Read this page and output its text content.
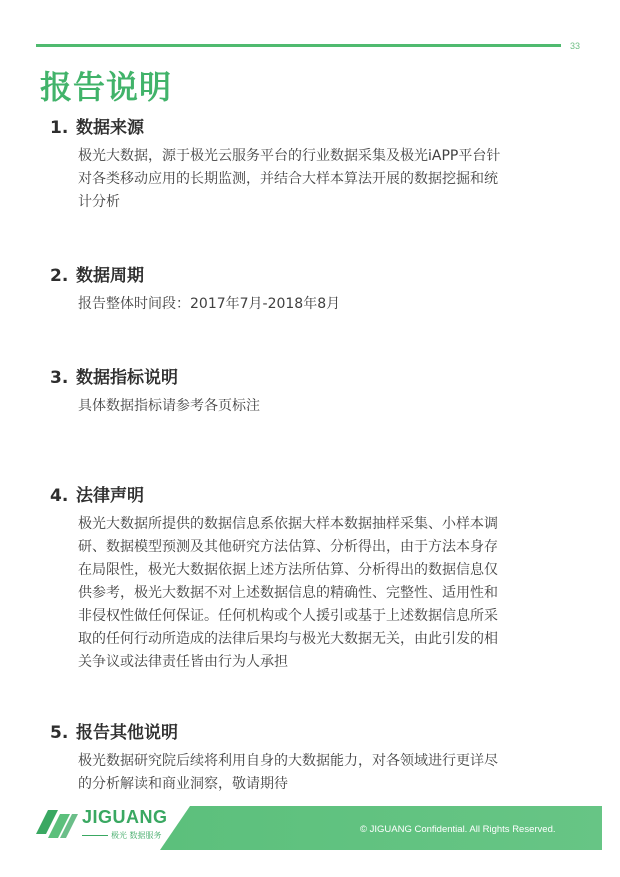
33
报告说明
1. 数据来源
极光大数据，源于极光云服务平台的行业数据采集及极光iAPP平台针
对各类移动应用的长期监测，并结合大样本算法开展的数据挖掘和统
计分析
2. 数据周期
报告整体时间段：2017年7月-2018年8月
3. 数据指标说明
具体数据指标请参考各页标注
4. 法律声明
极光大数据所提供的数据信息系依据大样本数据抽样采集、小样本调
研、数据模型预测及其他研究方法估算、分析得出，由于方法本身存
在局限性，极光大数据依据上述方法所估算、分析得出的数据信息仅
供参考，极光大数据不对上述数据信息的精确性、完整性、适用性和
非侵权性做任何保证。任何机构或个人援引或基于上述数据信息所采
取的任何行动所造成的法律后果均与极光大数据无关，由此引发的相
关争议或法律责任皆由行为人承担
5. 报告其他说明
极光数据研究院后续将利用自身的大数据能力，对各领域进行更详尽
的分析解读和商业洞察，敬请期待
JIGUANG
极光 数据服务
© JIGUANG Confidential. All Rights Reserved.
